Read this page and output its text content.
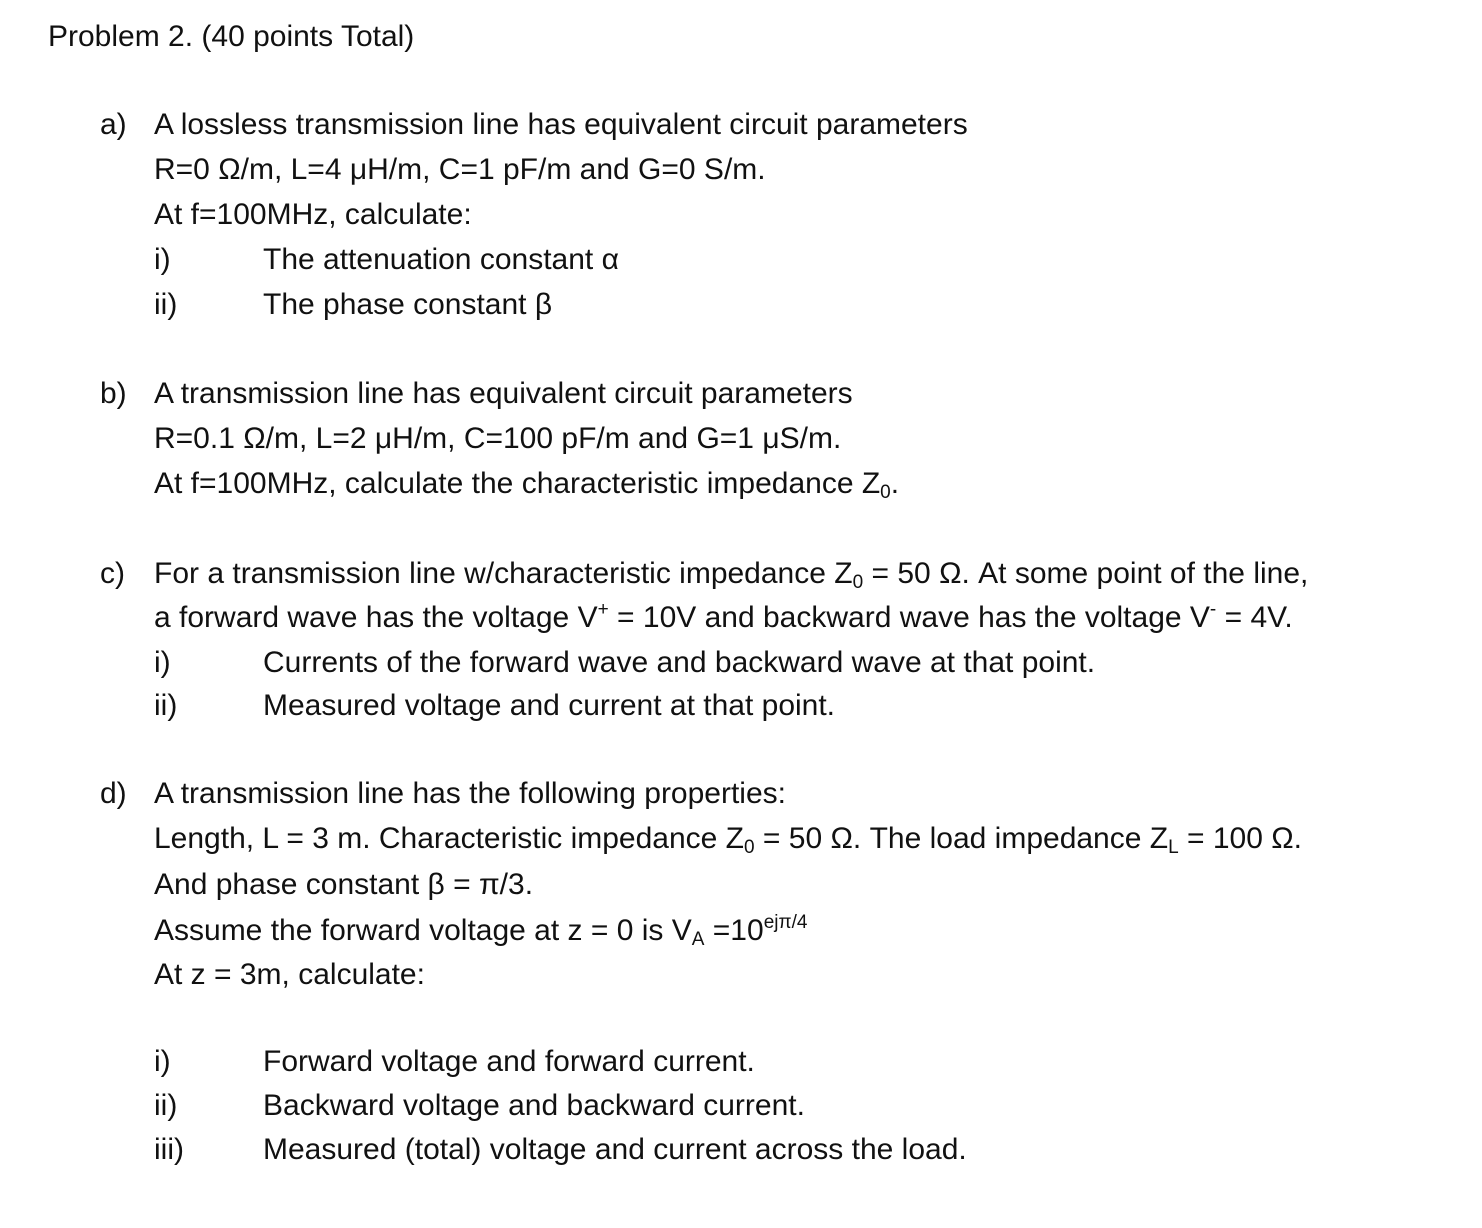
Problem 2. (40 points Total)
a) A lossless transmission line has equivalent circuit parameters
R=0 Ω/m, L=4 μH/m, C=1 pF/m and G=0 S/m.
At f=100MHz, calculate:
i)	The attenuation constant α
ii)	The phase constant β
b) A transmission line has equivalent circuit parameters
R=0.1 Ω/m, L=2 μH/m, C=100 pF/m and G=1 μS/m.
At f=100MHz, calculate the characteristic impedance $Z_0$.
c) For a transmission line w/characteristic impedance $Z_0 = 50$ Ω. At some point of the line,
a forward wave has the voltage V+ = 10V and backward wave has the voltage V- = 4V.
i)	Currents of the forward wave and backward wave at that point.
ii)	Measured voltage and current at that point.
d) A transmission line has the following properties:
Length, L = 3 m. Characteristic impedance $Z_0 = 50$ Ω. The load impedance $Z_L = 100$ Ω.
And phase constant β = π/3.
Assume the forward voltage at z = 0 is $V_A =10^{ej\pi/4}$
At z = 3m, calculate:
i)	Forward voltage and forward current.
ii)	Backward voltage and backward current.
iii)	Measured (total) voltage and current across the load.
